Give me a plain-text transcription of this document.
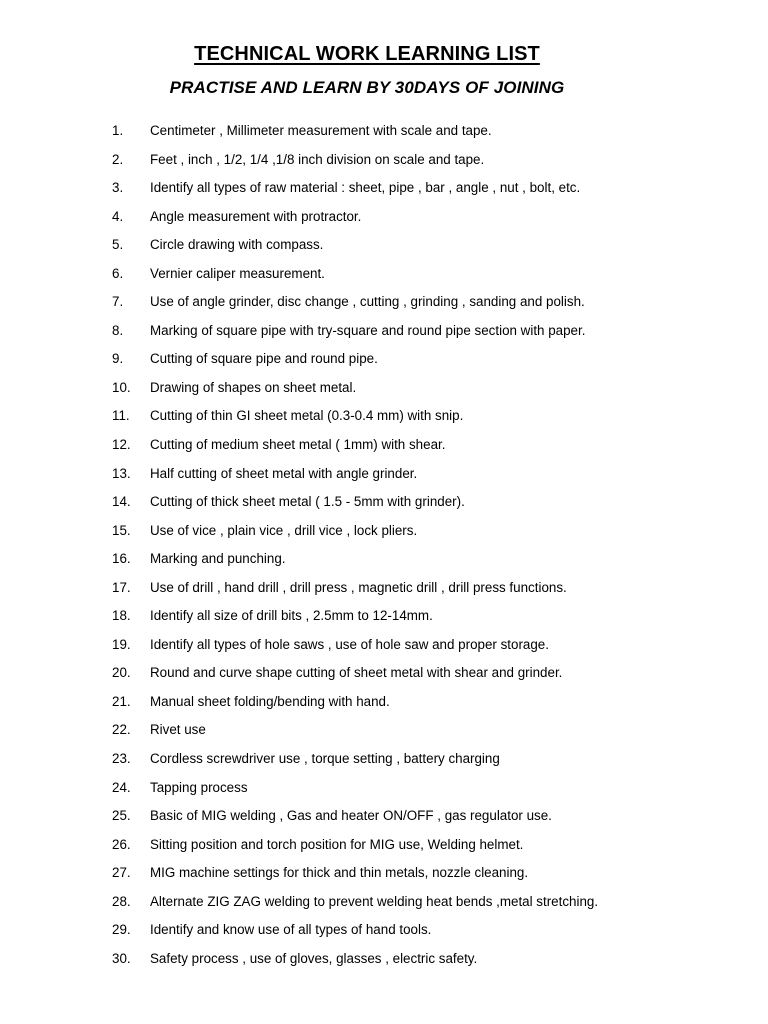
TECHNICAL WORK LEARNING LIST
PRACTISE AND LEARN BY 30DAYS OF JOINING
1. Centimeter , Millimeter measurement with scale and tape.
2. Feet , inch , 1/2, 1/4 ,1/8 inch division on scale and tape.
3. Identify all types of raw material : sheet, pipe , bar , angle , nut , bolt, etc.
4. Angle measurement with protractor.
5. Circle drawing with compass.
6. Vernier caliper measurement.
7. Use of angle grinder, disc change , cutting , grinding , sanding and polish.
8. Marking of square pipe with try-square and round pipe section with paper.
9. Cutting of square pipe and round pipe.
10. Drawing of shapes on sheet metal.
11. Cutting of thin GI sheet metal (0.3-0.4 mm) with snip.
12. Cutting of medium sheet metal ( 1mm) with shear.
13. Half cutting of sheet metal with angle grinder.
14. Cutting of thick sheet metal ( 1.5 - 5mm with grinder).
15. Use of vice , plain vice , drill vice , lock pliers.
16. Marking and punching.
17. Use of drill , hand drill , drill press , magnetic drill , drill press functions.
18. Identify all size of drill bits , 2.5mm to 12-14mm.
19. Identify all types of hole saws , use of hole saw and proper storage.
20. Round and curve shape cutting of sheet metal with shear and grinder.
21. Manual sheet folding/bending with hand.
22. Rivet use
23. Cordless screwdriver use , torque setting , battery charging
24. Tapping process
25. Basic of MIG welding , Gas and heater ON/OFF , gas regulator use.
26. Sitting position and torch position for MIG use, Welding helmet.
27. MIG machine settings for thick and thin metals, nozzle cleaning.
28. Alternate ZIG ZAG welding to prevent welding heat bends ,metal stretching.
29. Identify and know use of all types of hand tools.
30. Safety process , use of gloves, glasses , electric safety.
